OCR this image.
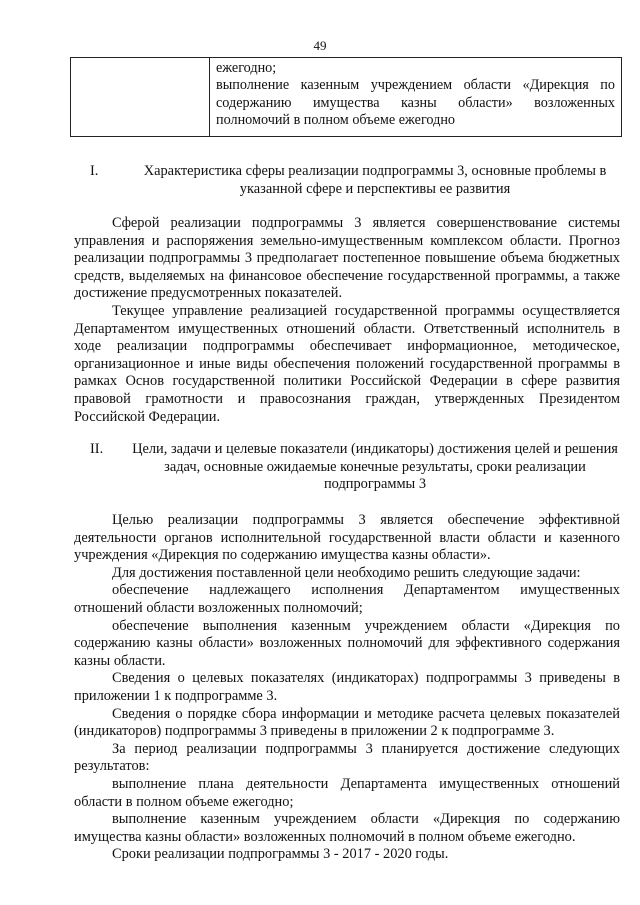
49

ежегодно;

выполнение казенным учреждением области «Дирекция по содержанию имущества казны области» возложенных полномочий в полном объеме ежегодно

I.	Характеристика сферы реализации подпрограммы 3, основные проблемы в указанной сфере и перспективы ее развития

Сферой реализации подпрограммы 3 является совершенствование системы управления и распоряжения земельно-имущественным комплексом области. Прогноз реализации подпрограммы 3 предполагает постепенное повышение объема бюджетных средств, выделяемых на финансовое обеспечение государственной программы, а также достижение предусмотренных показателей.

Текущее управление реализацией государственной программы осуществляется Департаментом имущественных отношений области. Ответственный исполнитель в ходе реализации подпрограммы обеспечивает информационное, методическое, организационное и иные виды обеспечения положений государственной программы в рамках Основ государственной политики Российской Федерации в сфере развития правовой грамотности и правосознания граждан, утвержденных Президентом Российской Федерации.

II. Цели, задачи и целевые показатели (индикаторы) достижения целей и решения задач, основные ожидаемые конечные результаты, сроки реализации подпрограммы 3

Целью реализации подпрограммы 3 является обеспечение эффективной деятельности органов исполнительной государственной власти области и казенного учреждения «Дирекция по содержанию имущества казны области».

Для достижения поставленной цели необходимо решить следующие задачи:

обеспечение надлежащего исполнения Департаментом имущественных отношений области возложенных полномочий;

обеспечение выполнения казенным учреждением области «Дирекция по содержанию казны области» возложенных полномочий для эффективного содержания казны области.

Сведения о целевых показателях (индикаторах) подпрограммы 3 приведены в приложении 1 к подпрограмме 3.

Сведения о порядке сбора информации и методике расчета целевых показателей (индикаторов) подпрограммы 3 приведены в приложении 2 к подпрограмме 3.

За период реализации подпрограммы 3 планируется достижение следующих результатов:

выполнение плана деятельности Департамента имущественных отношений области в полном объеме ежегодно;

выполнение казенным учреждением области «Дирекция по содержанию имущества казны области» возложенных полномочий в полном объеме ежегодно.

Сроки реализации подпрограммы 3 - 2017 - 2020 годы.
